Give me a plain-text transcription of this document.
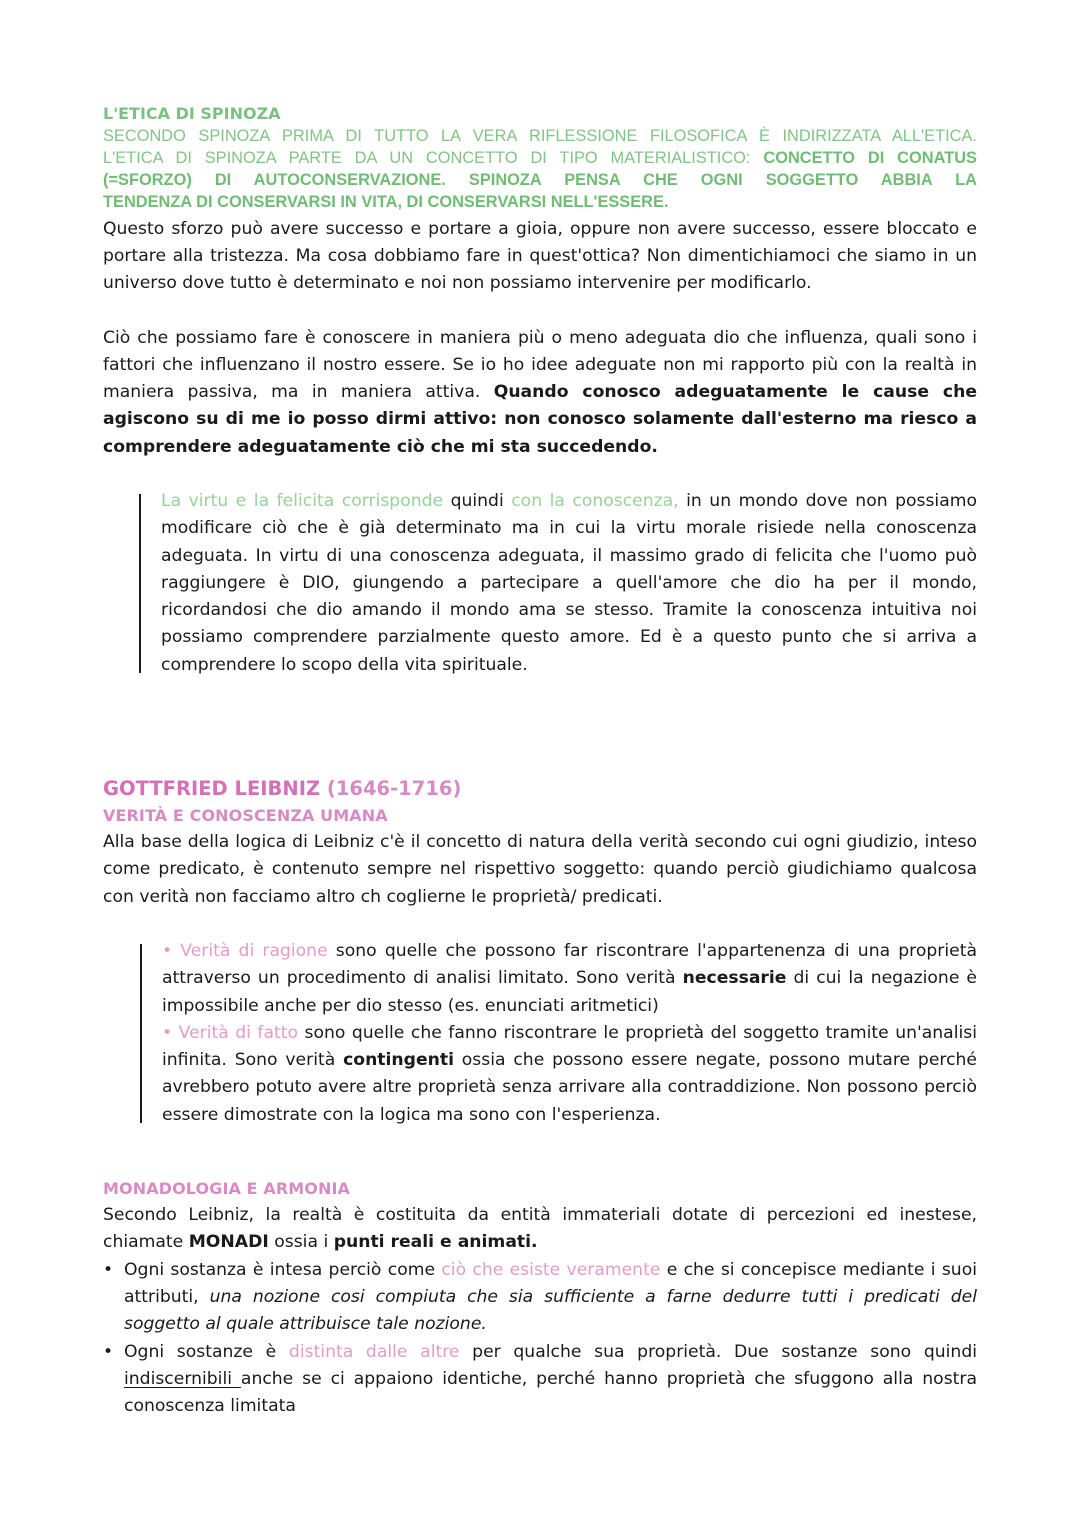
L'ETICA DI SPINOZA

SECONDO SPINOZA PRIMA DI TUTTO LA VERA RIFLESSIONE FILOSOFICA È INDIRIZZATA ALL'ETICA.

L'ETICA DI SPINOZA PARTE DA UN CONCETTO DI TIPO MATERIALISTICO: CONCETTO DI CONATUS

(=SFORZO) DI AUTOCONSERVAZIONE. SPINOZA PENSA CHE OGNI SOGGETTO ABBIA LA

TENDENZA DI CONSERVARSI IN VITA, DI CONSERVARSI NELL'ESSERE.

Questo sforzo può avere successo e portare a gioia, oppure non avere successo, essere bloccato e portare alla tristezza. Ma cosa dobbiamo fare in quest'ottica? Non dimentichiamoci che siamo in un universo dove tutto è determinato e noi non possiamo intervenire per modificarlo.

Ciò che possiamo fare è conoscere in maniera più o meno adeguata dio che influenza, quali sono i fattori che influenzano il nostro essere. Se io ho idee adeguate non mi rapporto più con la realtà in maniera passiva, ma in maniera attiva. Quando conosco adeguatamente le cause che agiscono su di me io posso dirmi attivo: non conosco solamente dall'esterno ma riesco a comprendere adeguatamente ciò che mi sta succedendo.

La virtu e la felicita corrisponde quindi con la conoscenza, in un mondo dove non possiamo modificare ciò che è già determinato ma in cui la virtu morale risiede nella conoscenza adeguata. In virtu di una conoscenza adeguata, il massimo grado di felicita che l'uomo può raggiungere è DIO, giungendo a partecipare a quell'amore che dio ha per il mondo, ricordandosi che dio amando il mondo ama se stesso. Tramite la conoscenza intuitiva noi possiamo comprendere parzialmente questo amore. Ed è a questo punto che si arriva a comprendere lo scopo della vita spirituale.

GOTTFRIED LEIBNIZ (1646-1716)
VERITÀ E CONOSCENZA UMANA

Alla base della logica di Leibniz c'è il concetto di natura della verità secondo cui ogni giudizio, inteso come predicato, è contenuto sempre nel rispettivo soggetto: quando perciò giudichiamo qualcosa con verità non facciamo altro ch coglierne le proprietà/ predicati.

• Verità di ragione sono quelle che possono far riscontrare l'appartenenza di una proprietà attraverso un procedimento di analisi limitato. Sono verità necessarie di cui la negazione è impossibile anche per dio stesso (es. enunciati aritmetici)

• Verità di fatto sono quelle che fanno riscontrare le proprietà del soggetto tramite un'analisi infinita. Sono verità contingenti ossia che possono essere negate, possono mutare perché avrebbero potuto avere altre proprietà senza arrivare alla contraddizione. Non possono perciò essere dimostrate con la logica ma sono con l'esperienza.

MONADOLOGIA E ARMONIA

Secondo Leibniz, la realtà è costituita da entità immateriali dotate di percezioni ed inestese, chiamate MONADI ossia i punti reali e animati.

• Ogni sostanza è intesa perciò come ciò che esiste veramente e che si concepisce mediante i suoi attributi, una nozione cosi compiuta che sia sufficiente a farne dedurre tutti i predicati del soggetto al quale attribuisce tale nozione.
• Ogni sostanze è distinta dalle altre per qualche sua proprietà. Due sostanze sono quindi indiscernibili anche se ci appaiono identiche, perché hanno proprietà che sfuggono alla nostra conoscenza limitata
